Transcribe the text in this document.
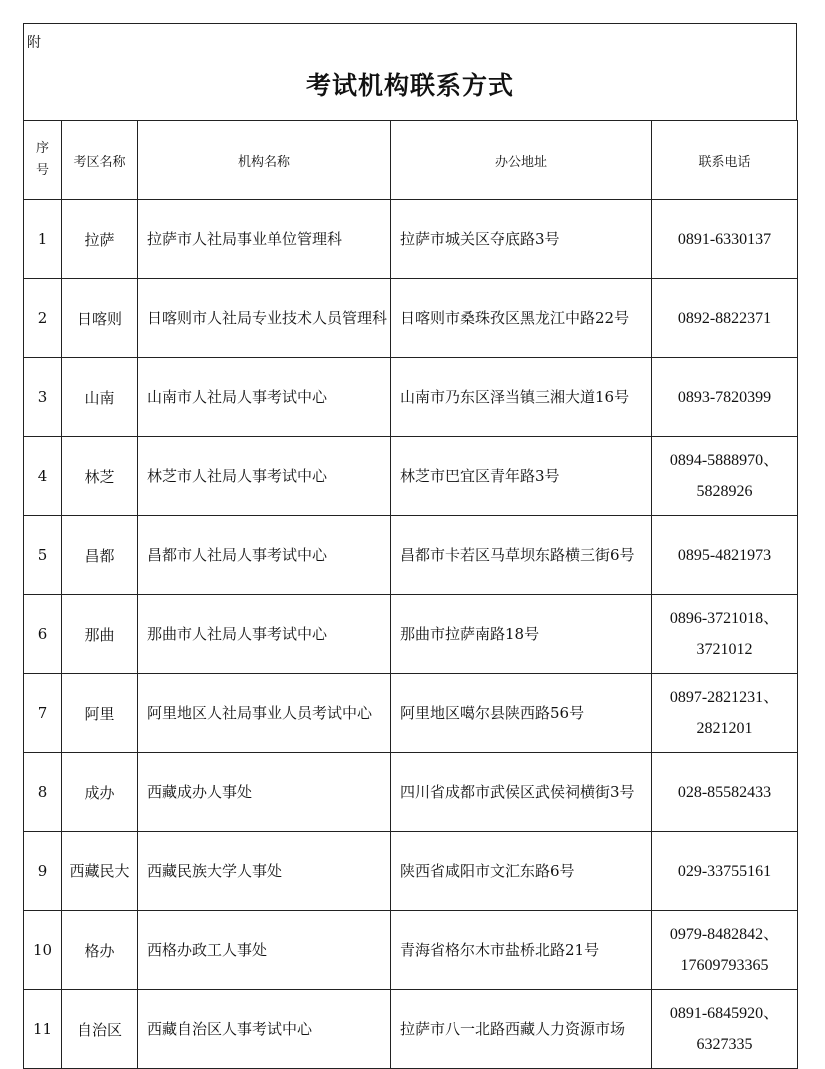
附
考试机构联系方式
序号	考区名称	机构名称	办公地址	联系电话
1	拉萨	拉萨市人社局事业单位管理科	拉萨市城关区夺底路3号	0891-6330137
2	日喀则	日喀则市人社局专业技术人员管理科	日喀则市桑珠孜区黑龙江中路22号	0892-8822371
3	山南	山南市人社局人事考试中心	山南市乃东区泽当镇三湘大道16号	0893-7820399
4	林芝	林芝市人社局人事考试中心	林芝市巴宜区青年路3号	0894-5888970、5828926
5	昌都	昌都市人社局人事考试中心	昌都市卡若区马草坝东路横三街6号	0895-4821973
6	那曲	那曲市人社局人事考试中心	那曲市拉萨南路18号	0896-3721018、3721012
7	阿里	阿里地区人社局事业人员考试中心	阿里地区噶尔县陕西路56号	0897-2821231、2821201
8	成办	西藏成办人事处	四川省成都市武侯区武侯祠横街3号	028-85582433
9	西藏民大	西藏民族大学人事处	陕西省咸阳市文汇东路6号	029-33755161
10	格办	西格办政工人事处	青海省格尔木市盐桥北路21号	0979-8482842、17609793365
11	自治区	西藏自治区人事考试中心	拉萨市八一北路西藏人力资源市场	0891-6845920、6327335
